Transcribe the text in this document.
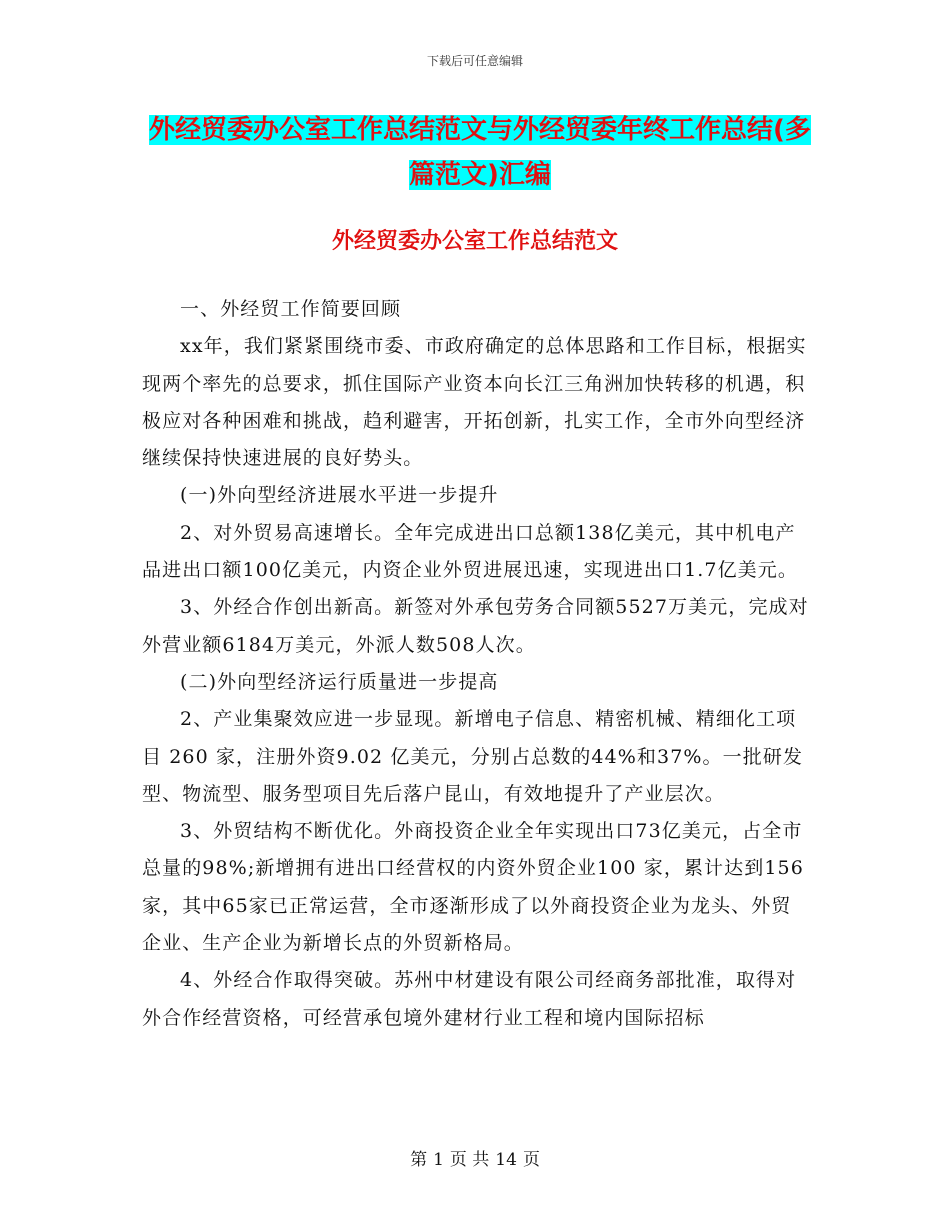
下载后可任意编辑
外经贸委办公室工作总结范文与外经贸委年终工作总结(多篇范文)汇编
外经贸委办公室工作总结范文

一、外经贸工作简要回顾

xx年，我们紧紧围绕市委、市政府确定的总体思路和工作目标，根据实现两个率先的总要求，抓住国际产业资本向长江三角洲加快转移的机遇，积极应对各种困难和挑战，趋利避害，开拓创新，扎实工作，全市外向型经济继续保持快速进展的良好势头。

(一)外向型经济进展水平进一步提升

2、对外贸易高速增长。全年完成进出口总额138亿美元，其中机电产品进出口额100亿美元，内资企业外贸进展迅速，实现进出口1.7亿美元。

3、外经合作创出新高。新签对外承包劳务合同额5527万美元，完成对外营业额6184万美元，外派人数508人次。

(二)外向型经济运行质量进一步提高

2、产业集聚效应进一步显现。新增电子信息、精密机械、精细化工项目 260 家，注册外资9.02 亿美元，分别占总数的44%和37%。一批研发型、物流型、服务型项目先后落户昆山，有效地提升了产业层次。

3、外贸结构不断优化。外商投资企业全年实现出口73亿美元，占全市总量的98%;新增拥有进出口经营权的内资外贸企业100 家，累计达到156家，其中65家已正常运营，全市逐渐形成了以外商投资企业为龙头、外贸企业、生产企业为新增长点的外贸新格局。

4、外经合作取得突破。苏州中材建设有限公司经商务部批准，取得对外合作经营资格，可经营承包境外建材行业工程和境内国际招标

第 1 页 共 14 页
